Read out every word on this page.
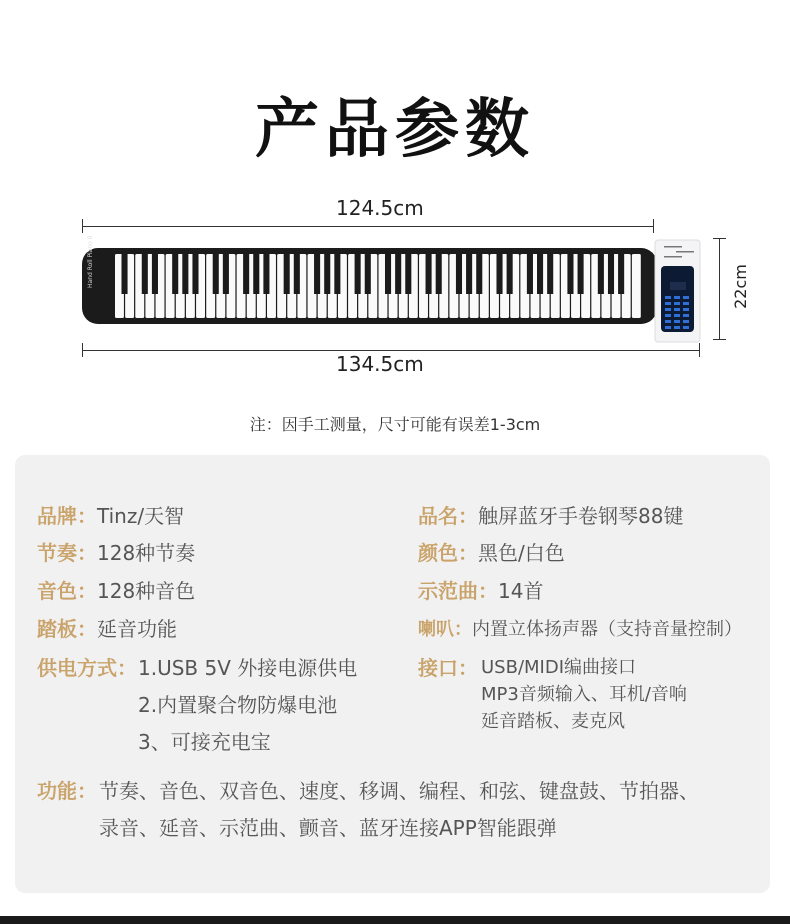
产品参数
124.5cm
Hand Roll Piano 88	22cm
134.5cm
注：因手工测量，尺寸可能有误差1-3cm
品牌：Tinz/天智
节奏：128种节奏
音色：128种音色
踏板：延音功能
供电方式： 1.USB 5V 外接电源供电
2.内置聚合物防爆电池
3、可接充电宝
品名：触屏蓝牙手卷钢琴88键
颜色：黑色/白色
示范曲：14首
喇叭：内置立体扬声器（支持音量控制）
接口： USB/MIDI编曲接口
MP3音频输入、耳机/音响
延音踏板、麦克风
功能： 节奏、音色、双音色、速度、移调、编程、和弦、键盘鼓、节拍器、
录音、延音、示范曲、颤音、蓝牙连接APP智能跟弹
